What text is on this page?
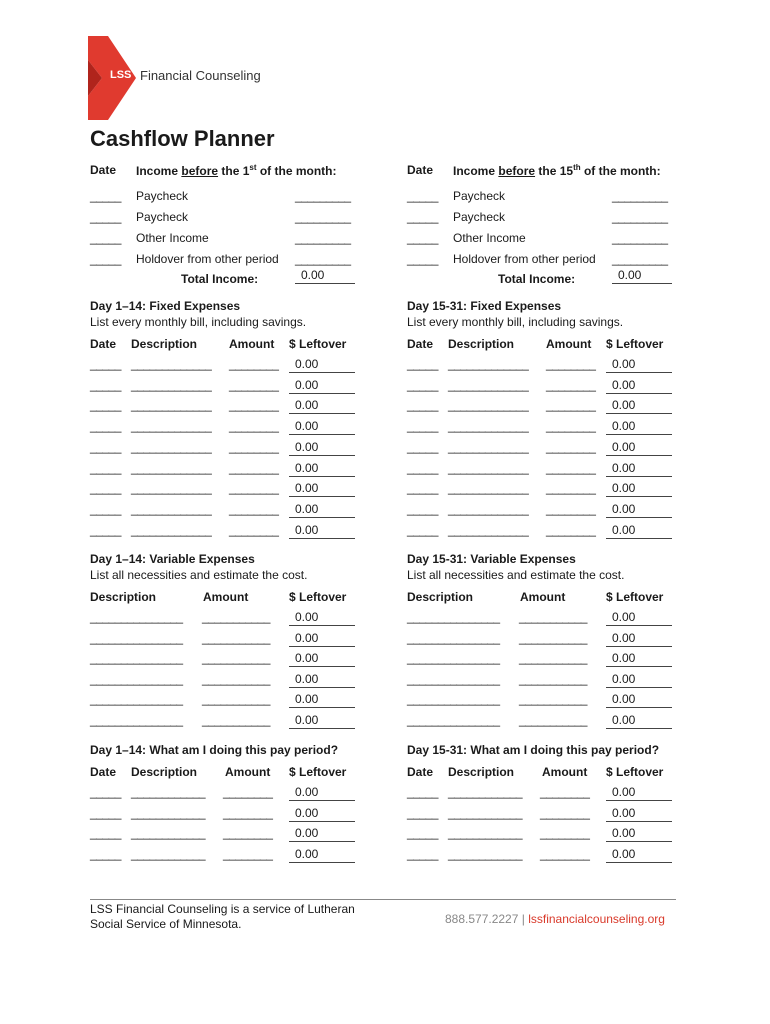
LSS Financial Counseling
Cashflow Planner
Date Income before the 1st of the month:
_____ Paycheck	_________
_____ Paycheck	_________
_____ Other Income	_________
_____ Holdover from other period _________
Total Income:	0.00
Date Income before the 15th of the month:
_____ Paycheck	_________
_____ Paycheck	_________
_____ Other Income	_________
_____ Holdover from other period _________
Total Income:	0.00
Day 1–14: Fixed Expenses
List every monthly bill, including savings.
Date Description	Amount $ Leftover
_____ _____________ ________	0.00
_____ _____________ ________	0.00
_____ _____________ ________	0.00
_____ _____________ ________	0.00
_____ _____________ ________	0.00
_____ _____________ ________	0.00
_____ _____________ ________	0.00
_____ _____________ ________	0.00
_____ _____________ ________	0.00
Day 15-31: Fixed Expenses
List every monthly bill, including savings.
Date Description	Amount $ Leftover
_____ _____________ ________	0.00
_____ _____________ ________	0.00
_____ _____________ ________	0.00
_____ _____________ ________	0.00
_____ _____________ ________	0.00
_____ _____________ ________	0.00
_____ _____________ ________	0.00
_____ _____________ ________	0.00
_____ _____________ ________	0.00
Day 1–14: Variable Expenses
List all necessities and estimate the cost.
Description	Amount	$ Leftover
_______________ ___________	0.00
_______________ ___________	0.00
_______________ ___________	0.00
_______________ ___________	0.00
_______________ ___________	0.00
_______________ ___________	0.00
Day 15-31: Variable Expenses
List all necessities and estimate the cost.
Description	Amount	$ Leftover
_______________ ___________	0.00
_______________ ___________	0.00
_______________ ___________	0.00
_______________ ___________	0.00
_______________ ___________	0.00
_______________ ___________	0.00
Day 1–14: What am I doing this pay period?
Date Description Amount $ Leftover
_____ ____________ ________	0.00
_____ ____________ ________	0.00
_____ ____________ ________	0.00
_____ ____________ ________	0.00
Day 15-31: What am I doing this pay period?
Date Description Amount $ Leftover
_____ ____________ ________	0.00
_____ ____________ ________	0.00
_____ ____________ ________	0.00
_____ ____________ ________	0.00
LSS Financial Counseling is a service of Lutheran
Social Service of Minnesota.	888.577.2227 | lssfinancialcounseling.org
